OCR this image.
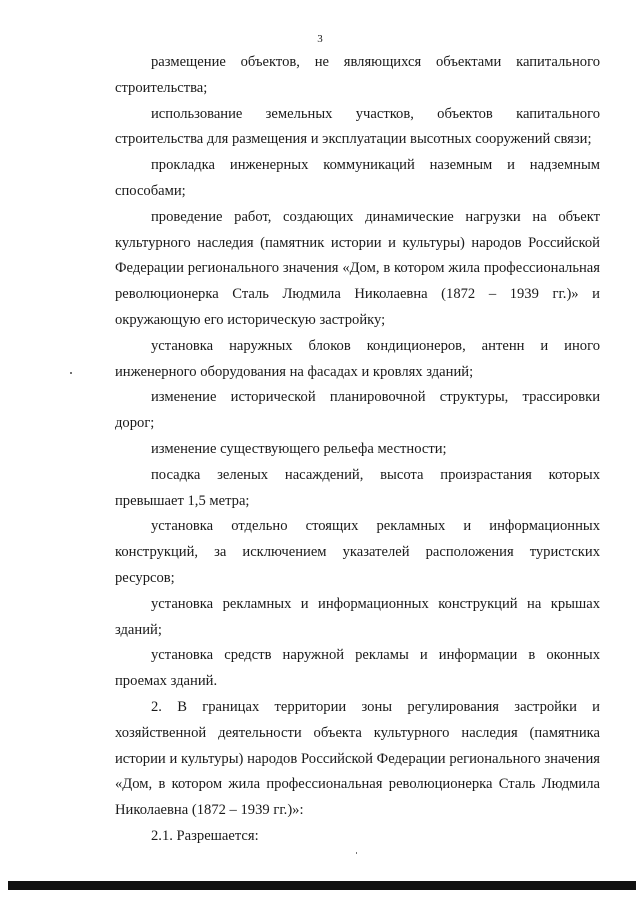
3

размещение объектов, не являющихся объектами капитального строительства;

использование земельных участков, объектов капитального строительства для размещения и эксплуатации высотных сооружений связи;

прокладка инженерных коммуникаций наземным и надземным способами;

проведение работ, создающих динамические нагрузки на объект культурного наследия (памятник истории и культуры) народов Российской Федерации регионального значения «Дом, в котором жила профессиональная революционерка Сталь Людмила Николаевна (1872 – 1939 гг.)» и окружающую его историческую застройку;

установка наружных блоков кондиционеров, антенн и иного инженерного оборудования на фасадах и кровлях зданий;

изменение исторической планировочной структуры, трассировки дорог;

изменение существующего рельефа местности;

посадка зеленых насаждений, высота произрастания которых превышает 1,5 метра;

установка отдельно стоящих рекламных и информационных конструкций, за исключением указателей расположения туристских ресурсов;

установка рекламных и информационных конструкций на крышах зданий;

установка средств наружной рекламы и информации в оконных проемах зданий.

2. В границах территории зоны регулирования застройки и хозяйственной деятельности объекта культурного наследия (памятника истории и культуры) народов Российской Федерации регионального значения «Дом, в котором жила профессиональная революционерка Сталь Людмила Николаевна (1872 – 1939 гг.)»:

2.1. Разрешается:
